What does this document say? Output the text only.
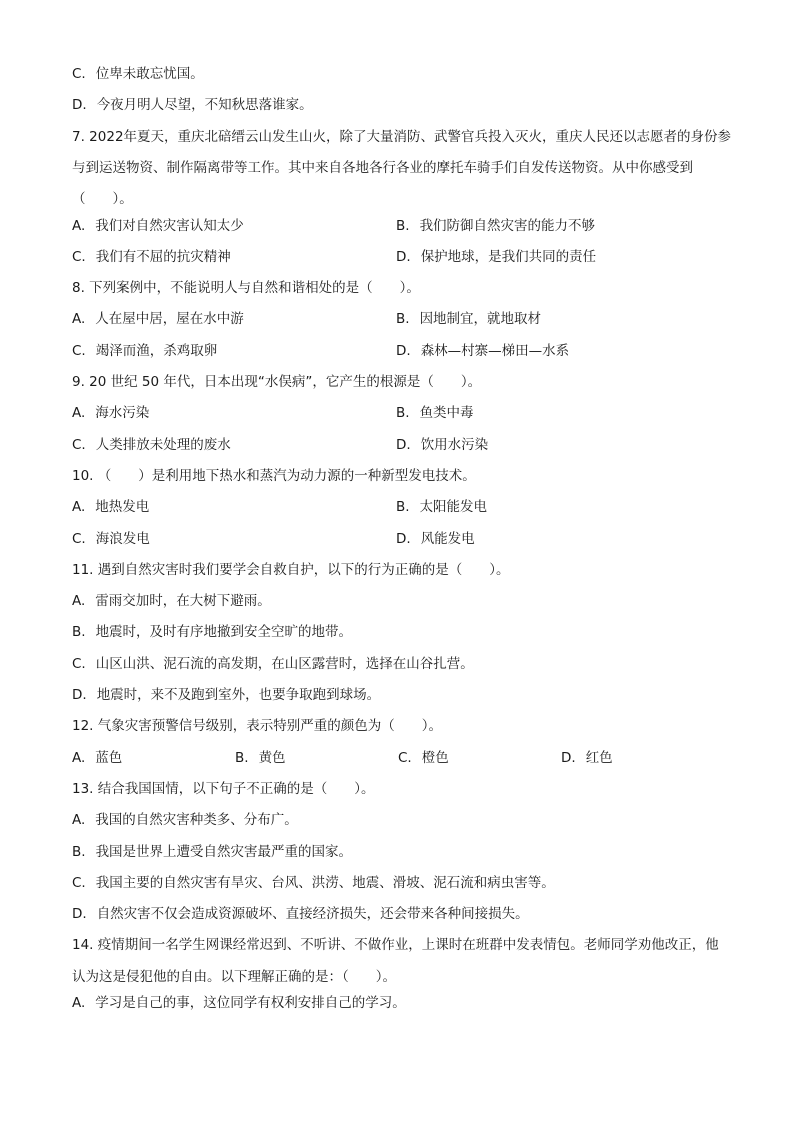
C. 位卑未敢忘忧国。
D. 今夜月明人尽望，不知秋思落谁家。
7. 2022年夏天，重庆北碚缙云山发生山火，除了大量消防、武警官兵投入灭火，重庆人民还以志愿者的身份参与到运送物资、制作隔离带等工作。其中来自各地各行各业的摩托车骑手们自发传送物资。从中你感受到（　　）。
A. 我们对自然灾害认知太少	B. 我们防御自然灾害的能力不够
C. 我们有不屈的抗灾精神	D. 保护地球，是我们共同的责任
8. 下列案例中，不能说明人与自然和谐相处的是（　　）。
A. 人在屋中居，屋在水中游	B. 因地制宜，就地取材
C. 竭泽而渔，杀鸡取卵	D. 森林—村寨—梯田—水系
9. 20 世纪 50 年代，日本出现“水俣病”，它产生的根源是（　　）。
A. 海水污染	B. 鱼类中毒
C. 人类排放未处理的废水	D. 饮用水污染
10. （　　）是利用地下热水和蒸汽为动力源的一种新型发电技术。
A. 地热发电	B. 太阳能发电
C. 海浪发电	D. 风能发电
11. 遇到自然灾害时我们要学会自救自护，以下的行为正确的是（　　）。
A. 雷雨交加时，在大树下避雨。
B. 地震时，及时有序地撤到安全空旷的地带。
C. 山区山洪、泥石流的高发期，在山区露营时，选择在山谷扎营。
D. 地震时，来不及跑到室外，也要争取跑到球场。
12. 气象灾害预警信号级别，表示特别严重的颜色为（　　）。
A. 蓝色	B. 黄色	C. 橙色	D. 红色
13. 结合我国国情，以下句子不正确的是（　　）。
A. 我国的自然灾害种类多、分布广。
B. 我国是世界上遭受自然灾害最严重的国家。
C. 我国主要的自然灾害有旱灾、台风、洪涝、地震、滑坡、泥石流和病虫害等。
D. 自然灾害不仅会造成资源破坏、直接经济损失，还会带来各种间接损失。
14. 疫情期间一名学生网课经常迟到、不听讲、不做作业，上课时在班群中发表情包。老师同学劝他改正，他认为这是侵犯他的自由。以下理解正确的是：（　　）。
A. 学习是自己的事，这位同学有权利安排自己的学习。
